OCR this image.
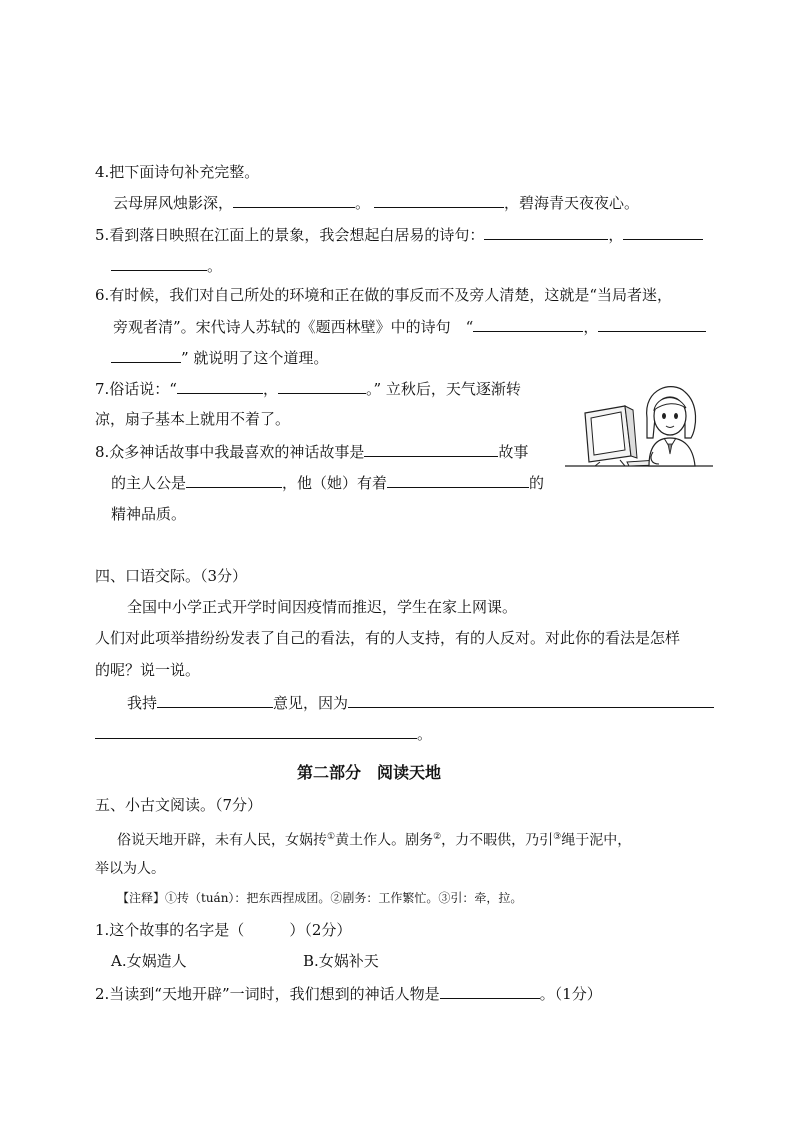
4.把下面诗句补充完整。
云母屏风烛影深，	。	，碧海青天夜夜心。
5.看到落日映照在江面上的景象，我会想起白居易的诗句：	，
。
6.有时候，我们对自己所处的环境和正在做的事反而不及旁人清楚，这就是“当局者迷，
旁观者清”。宋代诗人苏轼的《题西林壁》中的诗句　“	，
” 就说明了这个道理。
7.俗话说：“	，	。” 立秋后，天气逐渐转
凉，扇子基本上就用不着了。
8.众多神话故事中我最喜欢的神话故事是	故事
的主人公是	，他（她）有着	的
精神品质。
四、口语交际。（3分）
全国中小学正式开学时间因疫情而推迟，学生在家上网课。
人们对此项举措纷纷发表了自己的看法，有的人支持，有的人反对。对此你的看法是怎样
的呢？说一说。
我持	意见，因为
。
第二部分　阅读天地
五、小古文阅读。（7分）
俗说天地开辟，未有人民，女娲抟①黄土作人。剧务②，力不暇供，乃引③绳于泥中，
举以为人。
【注释】①抟（tuán）：把东西捏成团。②剧务：工作繁忙。③引：牵，拉。
1.这个故事的名字是（　　　）（2分）
A.女娲造人	B.女娲补天
2.当读到“天地开辟”一词时，我们想到的神话人物是	。（1分）
